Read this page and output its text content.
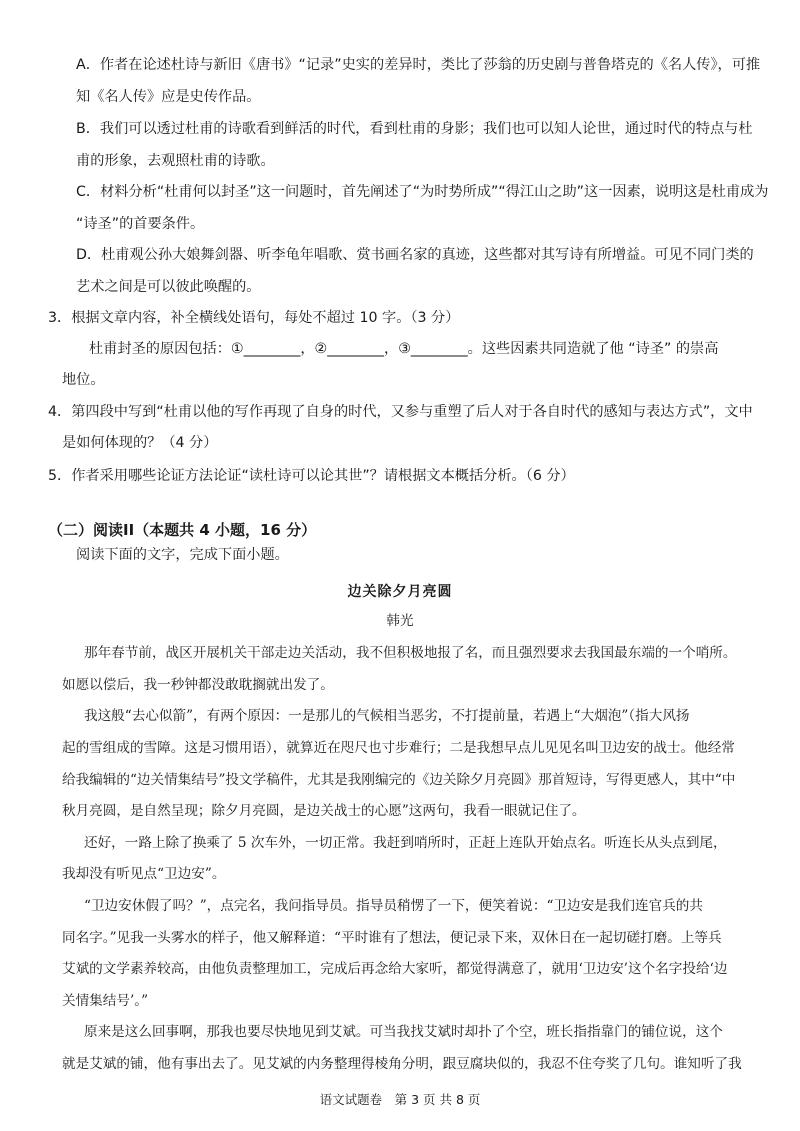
A．作者在论述杜诗与新旧《唐书》“记录”史实的差异时，类比了莎翁的历史剧与普鲁塔克的《名人传》，可推
知《名人传》应是史传作品。
B．我们可以透过杜甫的诗歌看到鲜活的时代，看到杜甫的身影；我们也可以知人论世，通过时代的特点与杜
甫的形象，去观照杜甫的诗歌。
C．材料分析“杜甫何以封圣”这一问题时，首先阐述了“为时势所成”“得江山之助”这一因素，说明这是杜甫成为
“诗圣”的首要条件。
D．杜甫观公孙大娘舞剑器、听李龟年唱歌、赏书画名家的真迹，这些都对其写诗有所增益。可见不同门类的
艺术之间是可以彼此唤醒的。
3．根据文章内容，补全横线处语句，每处不超过 10 字。（3 分）
杜甫封圣的原因包括：①________，②________，③________。这些因素共同造就了他 “诗圣” 的崇高
地位。
4．第四段中写到“杜甫以他的写作再现了自身的时代，又参与重塑了后人对于各自时代的感知与表达方式”，文中
是如何体现的？（4 分）
5．作者采用哪些论证方法论证“读杜诗可以论其世”？请根据文本概括分析。（6 分）
（二）阅读II（本题共 4 小题，16 分）
阅读下面的文字，完成下面小题。
边关除夕月亮圆
韩光
那年春节前，战区开展机关干部走边关活动，我不但积极地报了名，而且强烈要求去我国最东端的一个哨所。
如愿以偿后，我一秒钟都没敢耽搁就出发了。
我这般“去心似箭”，有两个原因：一是那儿的气候相当恶劣，不打提前量，若遇上“大烟泡”（指大风扬
起的雪组成的雪障。这是习惯用语），就算近在咫尺也寸步难行；二是我想早点儿见见名叫卫边安的战士。他经常
给我编辑的“边关情集结号”投文学稿件，尤其是我刚编完的《边关除夕月亮圆》那首短诗，写得更感人，其中“中
秋月亮圆，是自然呈现；除夕月亮圆，是边关战士的心愿”这两句，我看一眼就记住了。
还好，一路上除了换乘了 5 次车外，一切正常。我赶到哨所时，正赶上连队开始点名。听连长从头点到尾，
我却没有听见点“卫边安”。
“卫边安休假了吗？”，点完名，我问指导员。指导员稍愣了一下，便笑着说：“卫边安是我们连官兵的共
同名字。”见我一头雾水的样子，他又解释道：“平时谁有了想法，便记录下来，双休日在一起切磋打磨。上等兵
艾斌的文学素养较高，由他负责整理加工，完成后再念给大家听，都觉得满意了，就用‘卫边安’这个名字投给‘边
关情集结号’。”
原来是这么回事啊，那我也要尽快地见到艾斌。可当我找艾斌时却扑了个空，班长指指靠门的铺位说，这个
就是艾斌的铺，他有事出去了。见艾斌的内务整理得棱角分明，跟豆腐块似的，我忍不住夸奖了几句。谁知听了我
语文试题卷　第 3 页 共 8 页
